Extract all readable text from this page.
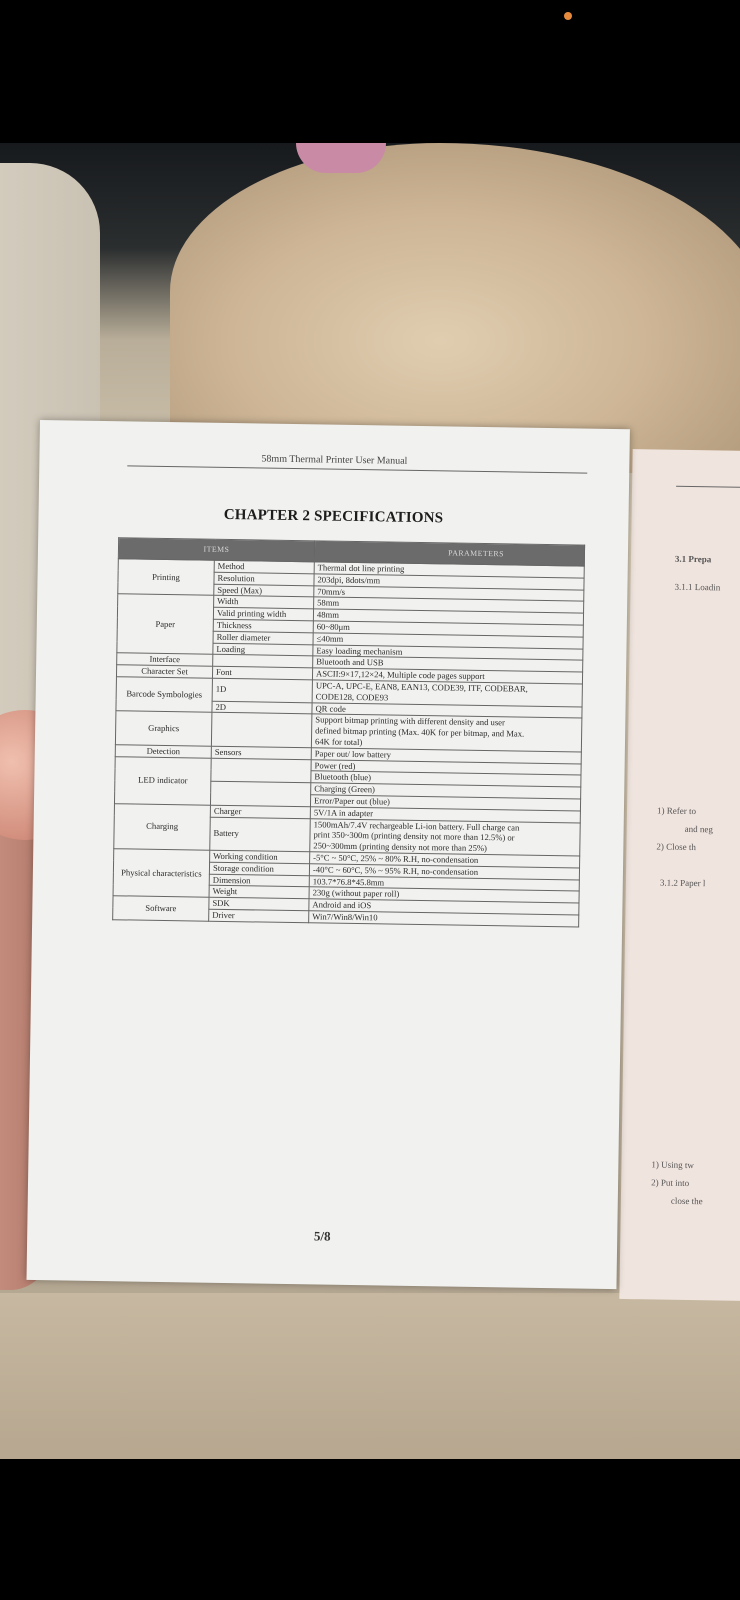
3.1 Prepa
3.1.1 Loadin
1) Refer to
and neg
2) Close th
3.1.2 Paper l
1) Using tw
2) Put into
close the
58mm Thermal Printer User Manual
CHAPTER 2 SPECIFICATIONS
ITEMS		PARAMETERS
Printing	Method	Thermal dot line printing
	Resolution	203dpi, 8dots/mm
	Speed (Max)	70mm/s
Paper	Width	58mm
	Valid printing width	48mm
	Thickness	60~80μm
	Roller diameter	≤40mm
	Loading	Easy loading mechanism
Interface		Bluetooth and USB
Character Set	Font	ASCII:9×17,12×24, Multiple code pages support
Barcode Symbologies	1D	UPC-A, UPC-E, EAN8, EAN13, CODE39, ITF, CODEBAR,
CODE128, CODE93

	2D	QR code
Graphics		Support bitmap printing with different density and user
defined bitmap printing (Max. 40K for per bitmap, and Max.
64K for total)

Detection	Sensors	Paper out/ low battery
LED indicator		Power (red)
		Bluetooth (blue)
		Charging (Green)
		Error/Paper out (blue)
Charging	Charger	5V/1A in adapter
	Battery	1500mAh/7.4V rechargeable Li-ion battery. Full charge can
print 350~300m (printing density not more than 12.5%) or
250~300mm (printing density not more than 25%)

Physical characteristics	Working condition	-5°C ~ 50°C, 25% ~ 80% R.H, no-condensation
	Storage condition	-40°C ~ 60°C, 5% ~ 95% R.H, no-condensation
	Dimension	103.7*76.8*45.8mm
	Weight	230g (without paper roll)
Software	SDK	Android and iOS
	Driver	Win7/Win8/Win10
5/8
